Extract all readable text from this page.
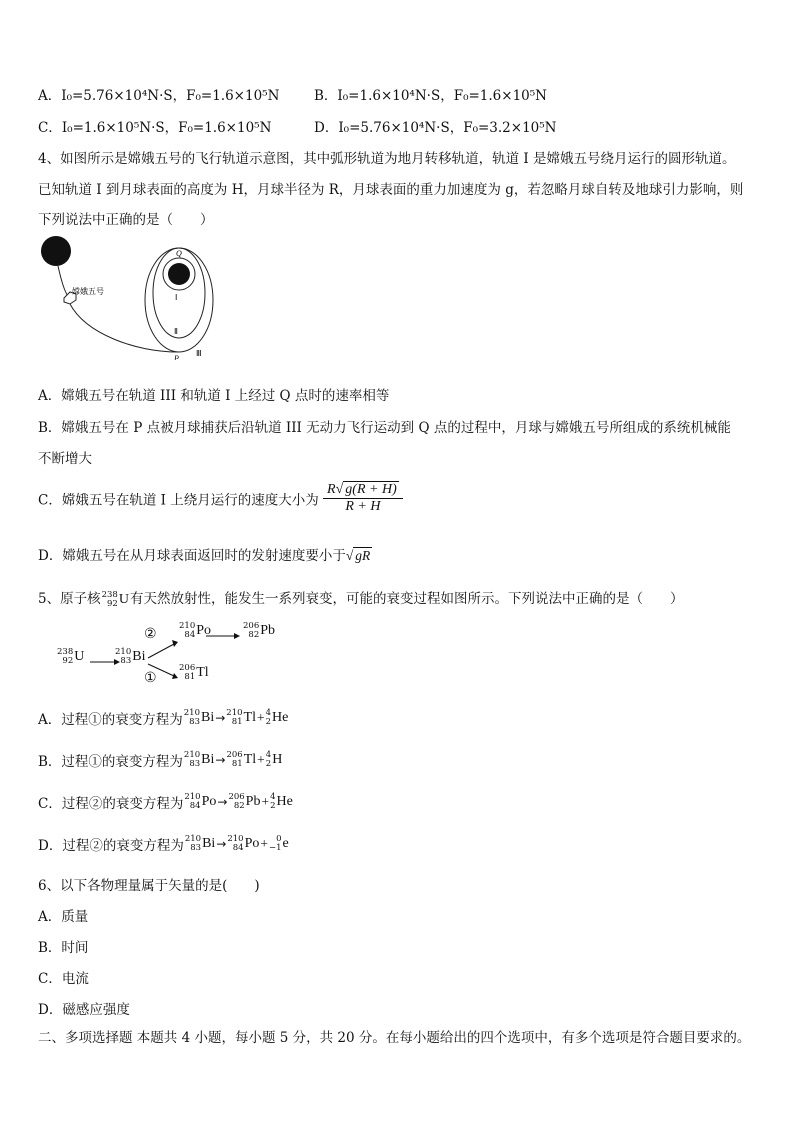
A．I₀=5.76×10⁴N·S，F₀=1.6×10⁵N	B．I₀=1.6×10⁴N·S，F₀=1.6×10⁵N
C．I₀=1.6×10⁵N·S，F₀=1.6×10⁵N	D．I₀=5.76×10⁴N·S，F₀=3.2×10⁵N
4、如图所示是嫦娥五号的飞行轨道示意图，其中弧形轨道为地月转移轨道，轨道 I 是嫦娥五号绕月运行的圆形轨道。
已知轨道 I 到月球表面的高度为 H，月球半径为 R，月球表面的重力加速度为 g，若忽略月球自转及地球引力影响，则
下列说法中正确的是（　　）
嫦娥五号
Q
Ⅰ
Ⅱ
Ⅲ
P
A．嫦娥五号在轨道 III 和轨道 I 上经过 Q 点时的速率相等
B．嫦娥五号在 P 点被月球捕获后沿轨道 III 无动力飞行运动到 Q 点的过程中，月球与嫦娥五号所组成的系统机械能
不断增大
C．嫦娥五号在轨道 I 上绕月运行的速度大小为 $\frac{R√ g(R + H)}{R + H}$
D．嫦娥五号在从月球表面返回时的发射速度要小于√ gR
5、原子核238
92U有天然放射性，能发生一系列衰变，可能的衰变过程如图所示。下列说法中正确的是（　　）
238
92U
②
①
210
83Bi
210
84Po	206
82Pb
206
81Tl
A．过程①的衰变方程为210
83Bi→210
81Tl+4
2He
B．过程①的衰变方程为210
83Bi→206
81Tl+4
2H
C．过程②的衰变方程为210
84Po→206
82Pb+4
2He
D．过程②的衰变方程为210
83Bi→210
84Po+ 0
−1e
6、以下各物理量属于矢量的是(　　)
A．质量
B．时间
C．电流
D．磁感应强度
二、多项选择题 本题共 4 小题，每小题 5 分，共 20 分。在每小题给出的四个选项中，有多个选项是符合题目要求的。
